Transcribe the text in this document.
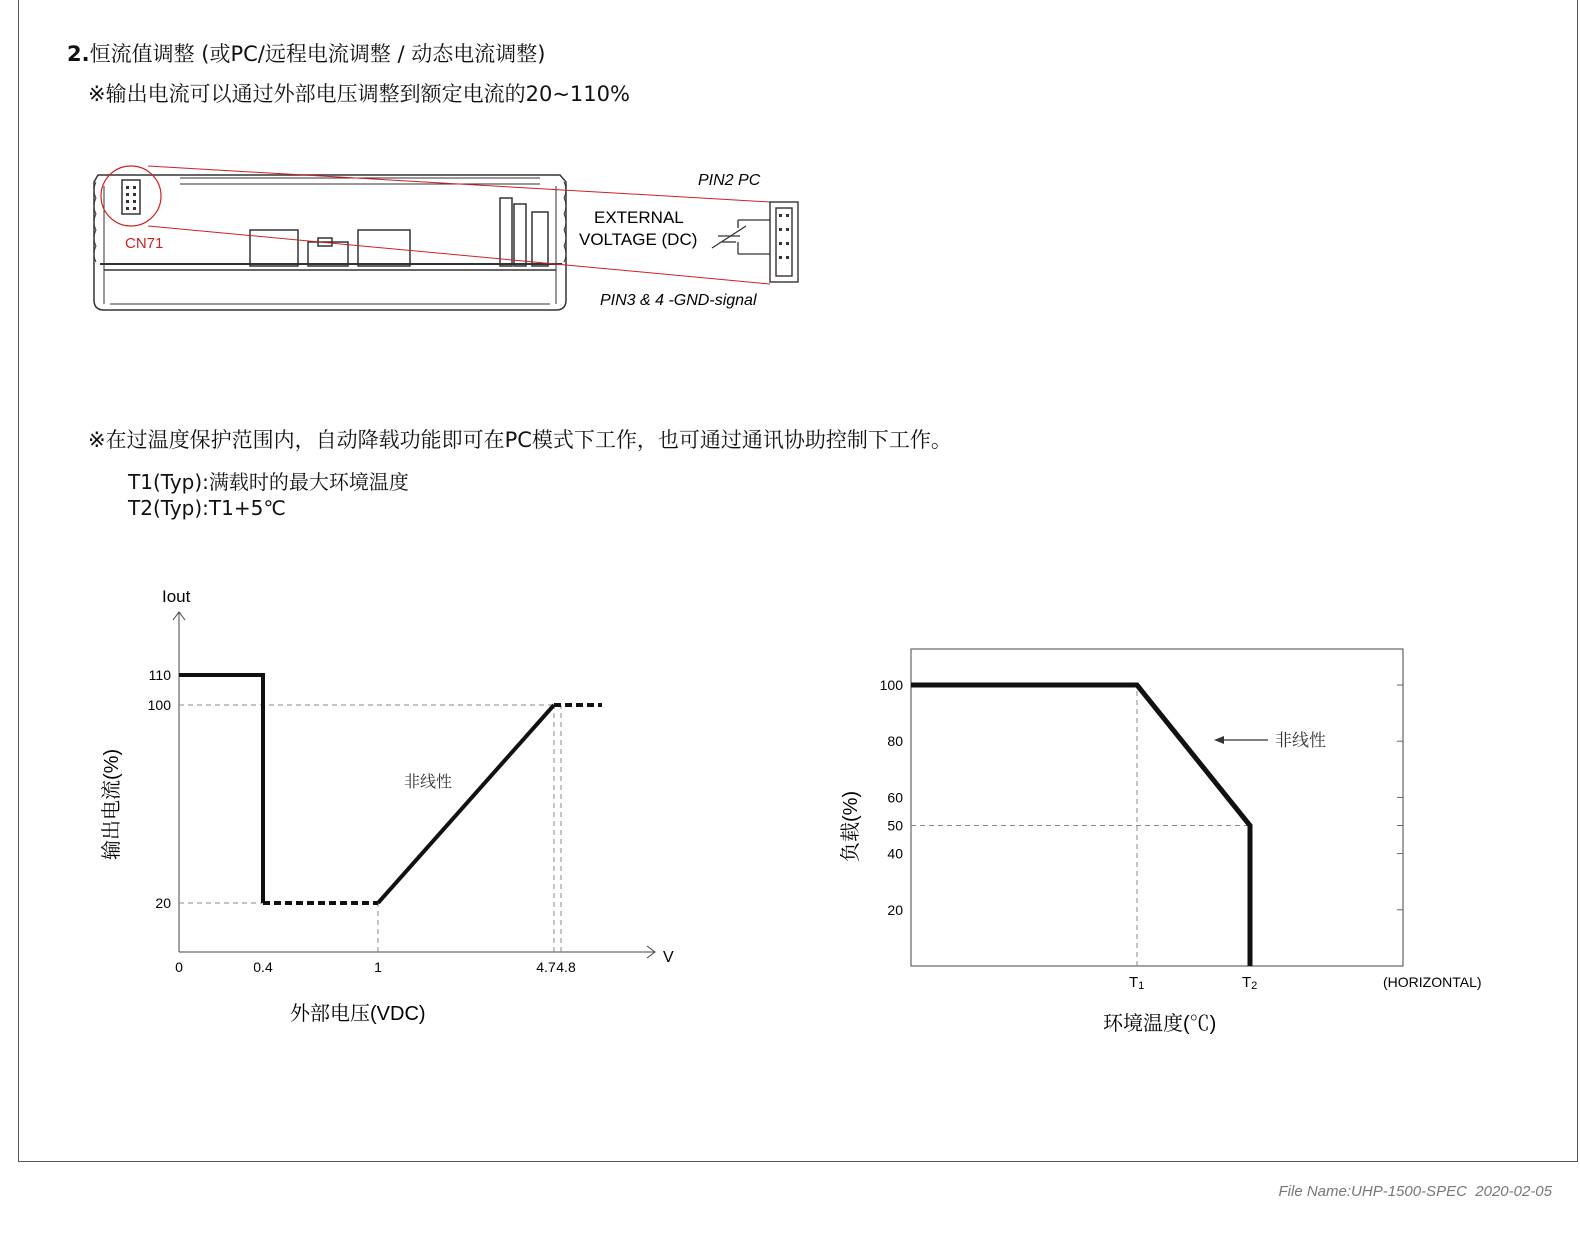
2.恒流值调整 (或PC/远程电流调整 / 动态电流调整)
※输出电流可以通过外部电压调整到额定电流的20~110%
※在过温度保护范围内，自动降载功能即可在PC模式下工作，也可通过通讯协助控制下工作。
T1(Typ):满载时的最大环境温度
T2(Typ):T1+5℃
CN71
PIN2 PC
EXTERNAL
VOLTAGE (DC)
PIN3 & 4 -GND-signal
0	0.4	1	4.7 4.8
20
100
110
Iout
V
非线性
外部电压(VDC)
输出电流(%)
T1	T2
20
40
50
60
80
100
非线性
(HORIZONTAL)
环境温度(℃)
负载(%)
File Name:UHP-1500-SPEC 2020-02-05
